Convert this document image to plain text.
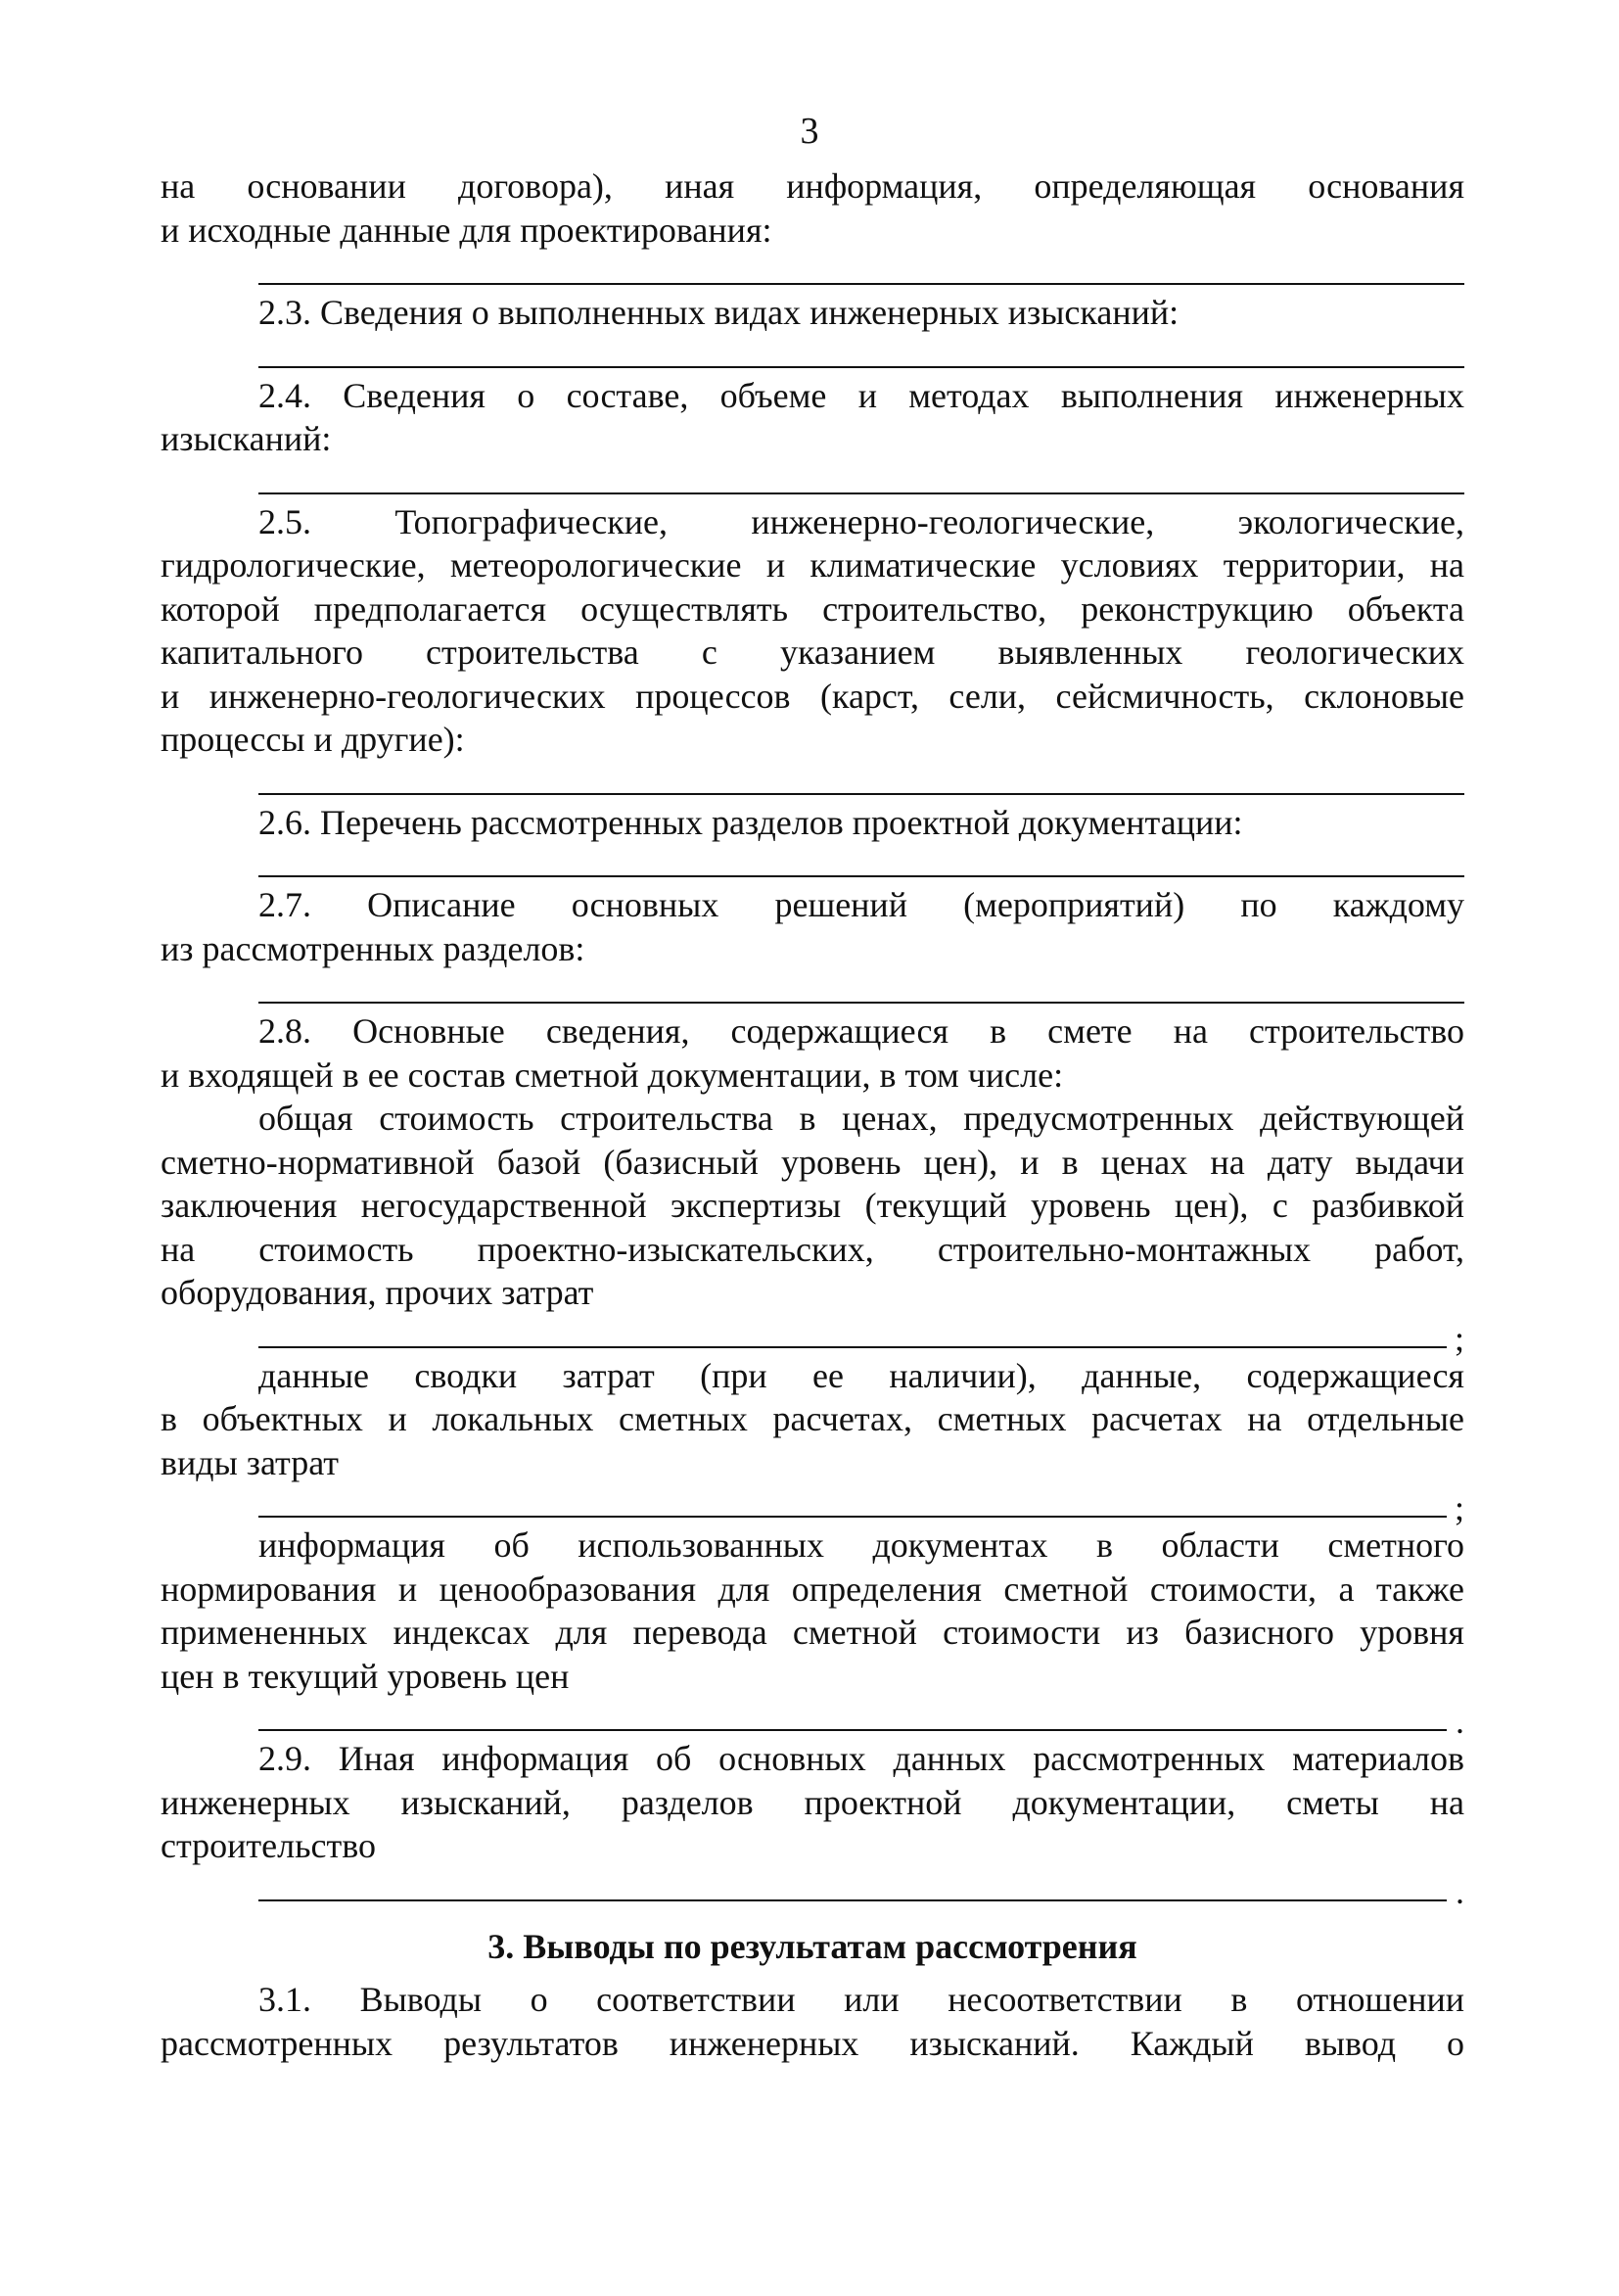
3

на основании договора), иная информация, определяющая основания

и исходные данные для проектирования:

2.3. Сведения о выполненных видах инженерных изысканий:

2.4. Сведения о составе, объеме и методах выполнения инженерных

изысканий:

2.5. Топографические, инженерно-геологические, экологические,

гидрологические, метеорологические и климатические условиях территории, на

которой предполагается осуществлять строительство, реконструкцию объекта

капитального строительства с указанием выявленных геологических

и инженерно-геологических процессов (карст, сели, сейсмичность, склоновые

процессы и другие):

2.6. Перечень рассмотренных разделов проектной документации:

2.7. Описание основных решений (мероприятий) по каждому

из рассмотренных разделов:

2.8. Основные сведения, содержащиеся в смете на строительство

и входящей в ее состав сметной документации, в том числе:

общая стоимость строительства в ценах, предусмотренных действующей

сметно-нормативной базой (базисный уровень цен), и в ценах на дату выдачи

заключения негосударственной экспертизы (текущий уровень цен), с разбивкой

на стоимость проектно-изыскательских, строительно-монтажных работ,

оборудования, прочих затрат

;

данные сводки затрат (при ее наличии), данные, содержащиеся

в объектных и локальных сметных расчетах, сметных расчетах на отдельные

виды затрат

;

информация об использованных документах в области сметного

нормирования и ценообразования для определения сметной стоимости, а также

примененных индексах для перевода сметной стоимости из базисного уровня

цен в текущий уровень цен

.

2.9. Иная информация об основных данных рассмотренных материалов

инженерных изысканий, разделов проектной документации, сметы на

строительство

.
3. Выводы по результатам рассмотрения

3.1. Выводы о соответствии или несоответствии в отношении

рассмотренных результатов инженерных изысканий. Каждый вывод о
